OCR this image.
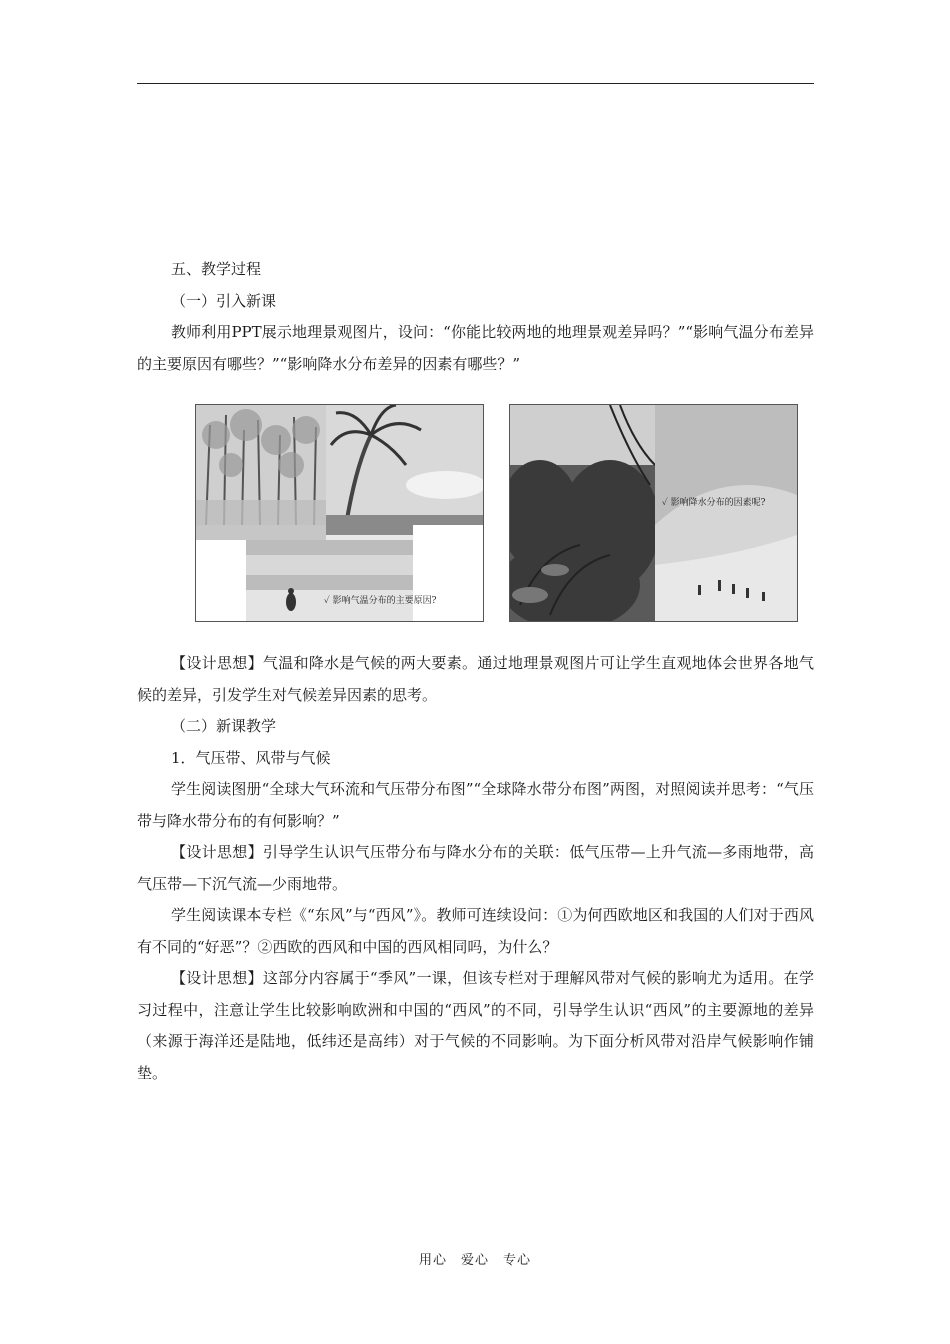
五、教学过程

（一）引入新课

教师利用PPT展示地理景观图片，设问：“你能比较两地的地理景观差异吗？”“影响气温分布差异的主要原因有哪些？”“影响降水分布差异的因素有哪些？”

✓ 影响气温分布的主要原因?
✓ 影响降水分布的因素呢?

【设计思想】气温和降水是气候的两大要素。通过地理景观图片可让学生直观地体会世界各地气候的差异，引发学生对气候差异因素的思考。

（二）新课教学

1．气压带、风带与气候

学生阅读图册“全球大气环流和气压带分布图”“全球降水带分布图”两图，对照阅读并思考：“气压带与降水带分布的有何影响？”

【设计思想】引导学生认识气压带分布与降水分布的关联：低气压带—上升气流—多雨地带，高气压带—下沉气流—少雨地带。

学生阅读课本专栏《“东风”与“西风”》。教师可连续设问：①为何西欧地区和我国的人们对于西风有不同的“好恶”？②西欧的西风和中国的西风相同吗，为什么？

【设计思想】这部分内容属于“季风”一课，但该专栏对于理解风带对气候的影响尤为适用。在学习过程中，注意让学生比较影响欧洲和中国的“西风”的不同，引导学生认识“西风”的主要源地的差异（来源于海洋还是陆地，低纬还是高纬）对于气候的不同影响。为下面分析风带对沿岸气候影响作铺垫。

用心　爱心　专心
